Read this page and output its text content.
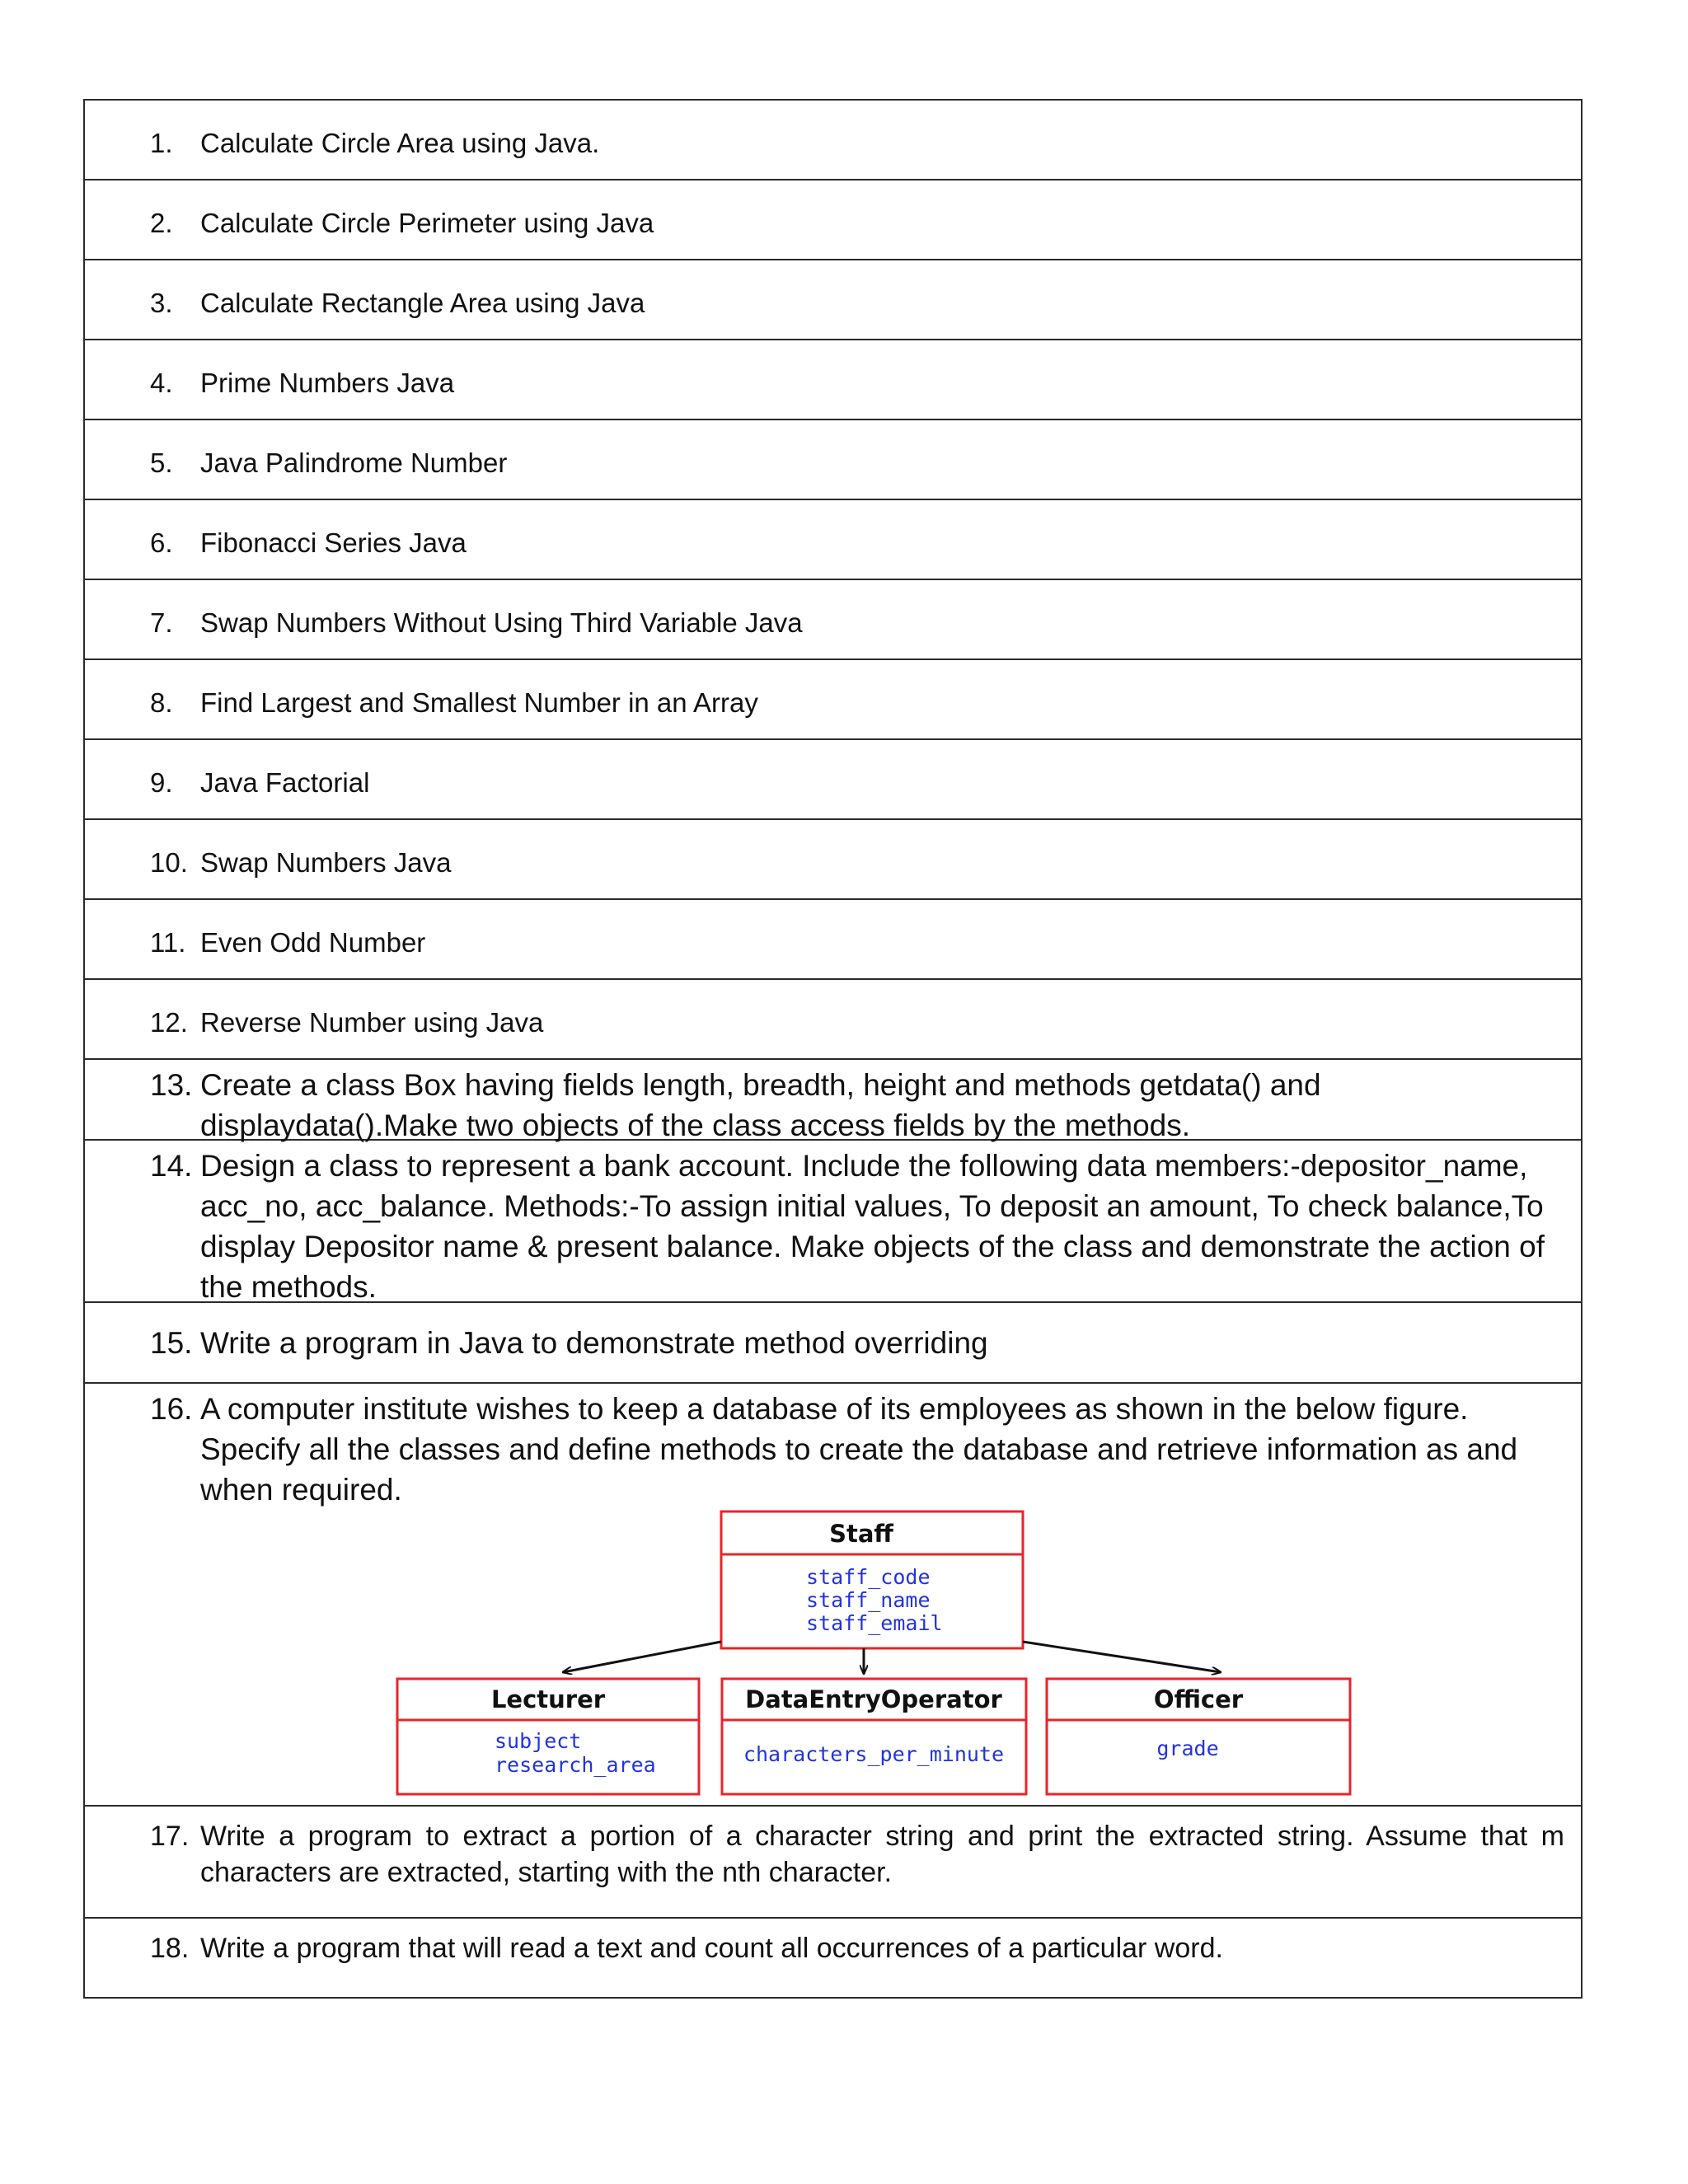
1.	Calculate Circle Area using Java.
2.	Calculate Circle Perimeter using Java
3.	Calculate Rectangle Area using Java
4.	Prime Numbers Java
5.	Java Palindrome Number
6.	Fibonacci Series Java
7.	Swap Numbers Without Using Third Variable Java
8.	Find Largest and Smallest Number in an Array
9.	Java Factorial
10. Swap Numbers Java
11. Even Odd Number
12. Reverse Number using Java
13. Create a class Box having fields length, breadth, height and methods getdata() and displaydata().Make two objects of the class access fields by the methods.
14. Design a class to represent a bank account. Include the following data members:-depositor_name, acc_no, acc_balance. Methods:-To assign initial values, To deposit an amount, To check balance,To display Depositor name & present balance. Make objects of the class and demonstrate the action of the methods.
15. Write a program in Java to demonstrate method overriding
16. A computer institute wishes to keep a database of its employees as shown in the below figure. Specify all the classes and define methods to create the database and retrieve information as and when required.
Staff
staff_code
staff_name
staff_email
Lecturer
subject
research_area
DataEntryOperator
characters_per_minute
Officer
grade
17. Write a program to extract a portion of a character string and print the extracted string. Assume that m characters are extracted, starting with the nth character.
18. Write a program that will read a text and count all occurrences of a particular word.
